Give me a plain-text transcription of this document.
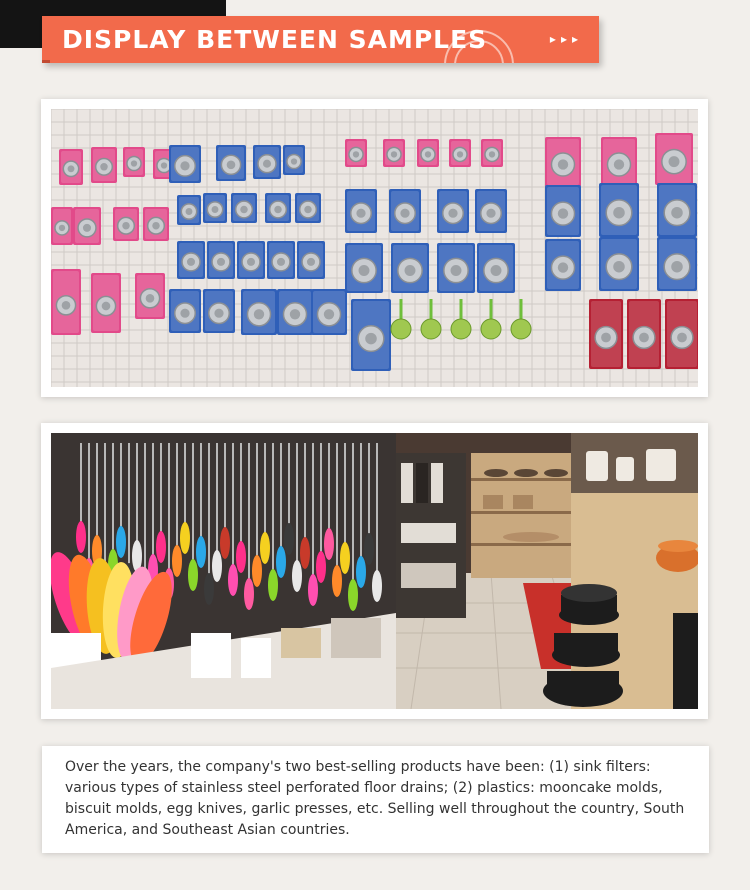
DISPLAY BETWEEN SAMPLES	▸▸▸

Over the years, the company's two best-selling products have been: (1) sink filters: various types of stainless steel perforated floor drains; (2) plastics: mooncake molds, biscuit molds, egg knives, garlic presses, etc. Selling well throughout the country, South America, and Southeast Asian countries.
